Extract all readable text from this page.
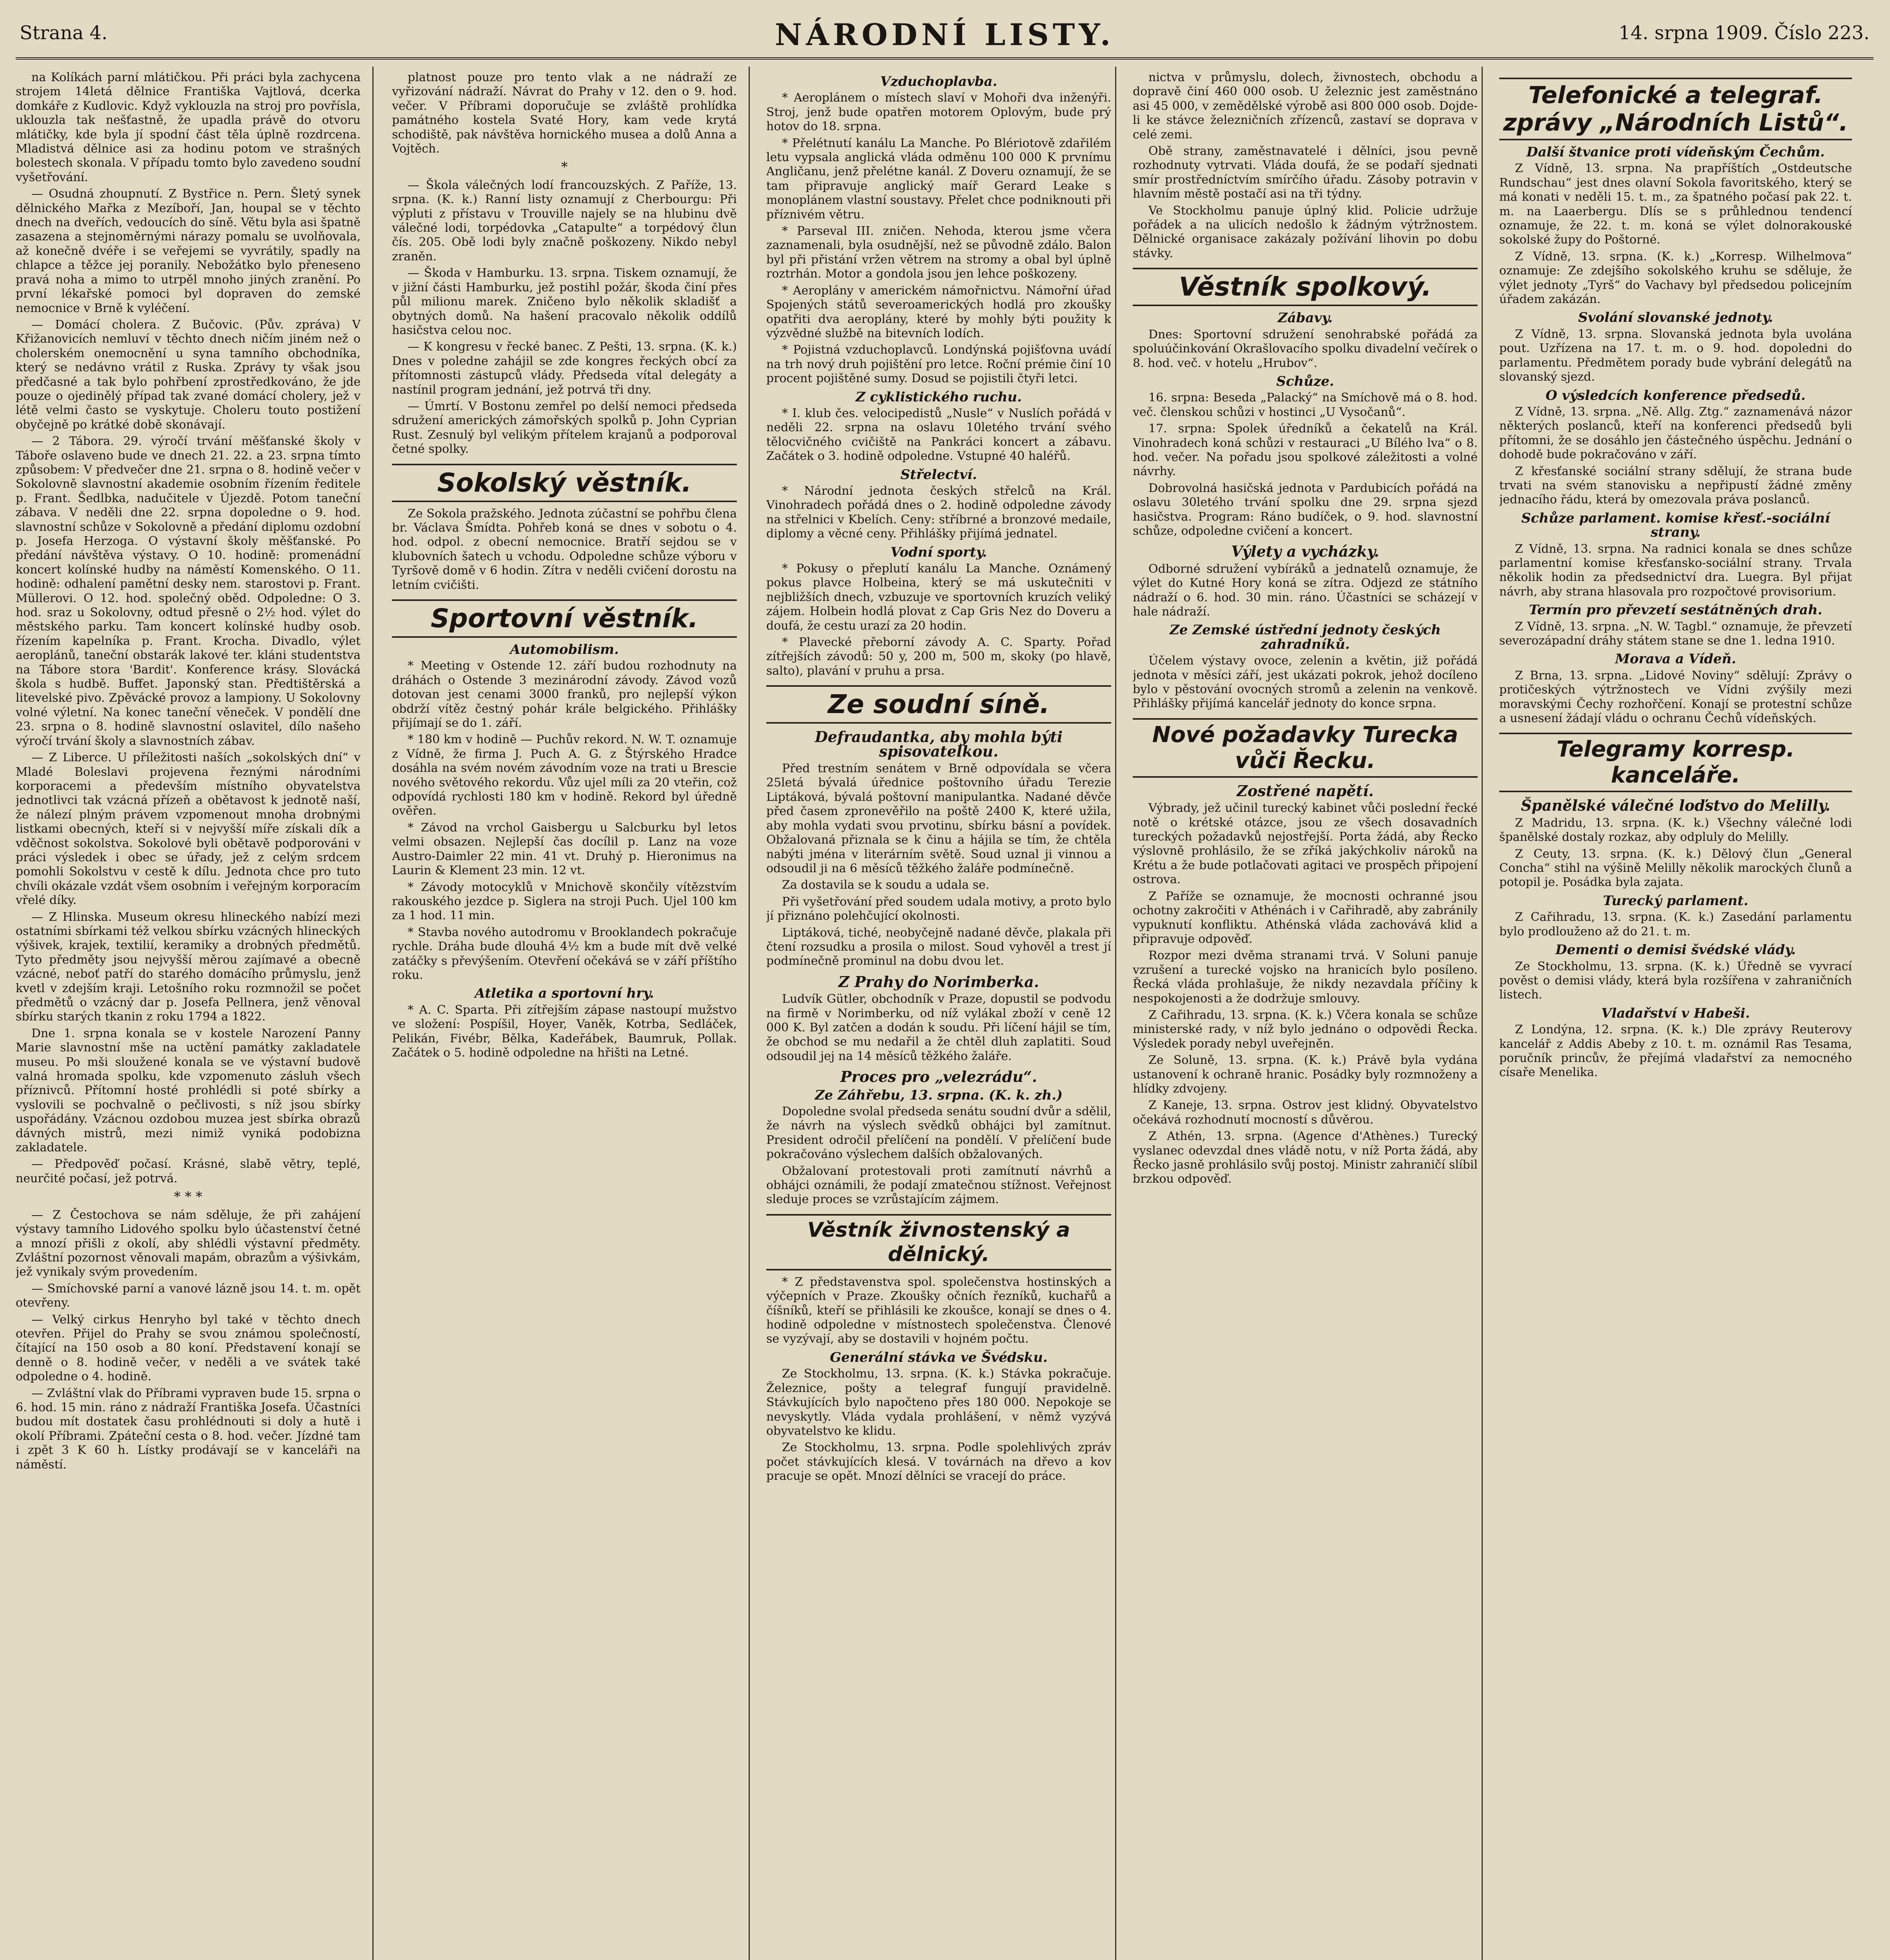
Strana 4.	NÁRODNÍ LISTY.	14. srpna 1909. Číslo 223.

na Kolíkách parní mlátičkou. Při práci byla zachycena strojem 14letá dělnice Františka Vajtlová, dcerka domkáře z Kudlovic. Když vyklouzla na stroj pro povřísla, uklouzla tak nešťastně, že upadla právě do otvoru mlátičky, kde byla jí spodní část těla úplně rozdrcena. Mladistvá dělnice asi za hodinu potom ve strašných bolestech skonala. V případu tomto bylo zavedeno soudní vyšetřování.

— Osudná zhoupnutí. Z Bystřice n. Pern. Šletý synek dělnického Mařka z Mezíboří, Jan, houpal se v těchto dnech na dveřích, vedoucích do síně. Větu byla asi špatně zasazena a stejnoměrnými nárazy pomalu se uvolňovala, až konečně dvéře i se veřejemi se vyvrátily, spadly na chlapce a těžce jej poranily. Nebožátko bylo přeneseno pravá noha a mimo to utrpěl mnoho jiných zranění. Po první lékařské pomoci byl dopraven do zemské nemocnice v Brně k vyléčení.

— Domácí cholera. Z Bučovic. (Pův. zpráva) V Křižanovicích nemluví v těchto dnech ničím jiném než o cholerském onemocnění u syna tamního obchodníka, který se nedávno vrátil z Ruska. Zprávy ty však jsou předčasné a tak bylo pohřbení zprostředkováno, že jde pouze o ojedinělý případ tak zvané domácí cholery, jež v létě velmi často se vyskytuje. Choleru touto postižení obyčejně po krátké době skonávají.

— 2 Tábora. 29. výročí trvání měšťanské školy v Táboře oslaveno bude ve dnech 21. 22. a 23. srpna tímto způsobem: V předvečer dne 21. srpna o 8. hodině večer v Sokolovně slavnostní akademie osobním řízením ředitele p. Frant. Šedlbka, nadučitele v Újezdě. Potom taneční zábava. V neděli dne 22. srpna dopoledne o 9. hod. slavnostní schůze v Sokolovně a předání diplomu ozdobní p. Josefa Herzoga. O výstavní školy měšťanské. Po předání návštěva výstavy. O 10. hodině: promenádní koncert kolínské hudby na náměstí Komenského. O 11. hodině: odhalení pamětní desky nem. starostovi p. Frant. Müllerovi. O 12. hod. společný oběd. Odpoledne: O 3. hod. sraz u Sokolovny, odtud přesně o 2½ hod. výlet do městského parku. Tam koncert kolínské hudby osob. řízením kapelníka p. Frant. Krocha. Divadlo, výlet aeroplánů, taneční obstarák lakové ter. kláni studentstva na Tábore stora 'Bardit'. Konference krásy. Slovácká škola s hudbě. Buffet. Japonský stan. Předtištěrská a litevelské pivo. Zpěvácké provoz a lampiony. U Sokolovny volné výletní. Na konec taneční věneček. V pondělí dne 23. srpna o 8. hodině slavnostní oslavitel, dílo našeho výročí trvání školy a slavnostních zábav.

— Z Liberce. U příležitosti naších „sokolských dní“ v Mladé Boleslavi projevena řeznými národními korporacemi a především místního obyvatelstva jednotlivci tak vzácná přízeň a obětavost k jednotě naší, že nálezí plným právem vzpomenout mnoha drobnými listkami obecných, kteří si v nejvyšší míře získali dík a vděčnost sokolstva. Sokolové byli obětavě podporováni v práci výsledek i obec se úřady, jež z celým srdcem pomohli Sokolstvu v cestě k dílu. Jednota chce pro tuto chvíli okázale vzdát všem osobním i veřejným korporacím vřelé díky.

— Z Hlinska. Museum okresu hlineckého nabízí mezi ostatními sbírkami též velkou sbírku vzácných hlineckých výšivek, krajek, textilií, keramiky a drobných předmětů. Tyto předměty jsou nejvyšší měrou zajímavé a obecně vzácné, neboť patří do starého domácího průmyslu, jenž kvetl v zdejším kraji. Letošního roku rozmnožil se počet předmětů o vzácný dar p. Josefa Pellnera, jenž věnoval sbírku starých tkanin z roku 1794 a 1822.

Dne 1. srpna konala se v kostele Narození Panny Marie slavnostní mše na uctění památky zakladatele museu. Po mši sloužené konala se ve výstavní budově valná hromada spolku, kde vzpomenuto zásluh všech příznivců. Přítomní hosté prohlédli si poté sbírky a vyslovili se pochvalně o pečlivosti, s níž jsou sbírky uspořádány. Vzácnou ozdobou muzea jest sbírka obrazů dávných mistrů, mezi nimiž vyniká podobizna zakladatele.

— Předpověď počasí. Krásné, slabě větry, teplé, neurčité počasí, jež potrvá.

* * *

— Z Čestochova se nám sděluje, že při zahájení výstavy tamního Lidového spolku bylo účastenství četné a mnozí přišli z okolí, aby shlédli výstavní předměty. Zvláštní pozornost věnovali mapám, obrazům a výšivkám, jež vynikaly svým provedením.

— Smíchovské parní a vanové lázně jsou 14. t. m. opět otevřeny.

— Velký cirkus Henryho byl také v těchto dnech otevřen. Přijel do Prahy se svou známou společností, čítající na 150 osob a 80 koní. Představení konají se denně o 8. hodině večer, v neděli a ve svátek také odpoledne o 4. hodině.

— Zvláštní vlak do Příbrami vypraven bude 15. srpna o 6. hod. 15 min. ráno z nádraží Františka Josefa. Účastníci budou mít dostatek času prohlédnouti si doly a hutě i okolí Příbrami. Zpáteční cesta o 8. hod. večer. Jízdné tam i zpět 3 K 60 h. Lístky prodávají se v kanceláři na náměstí.

platnost pouze pro tento vlak a ne nádraží ze vyřizování nádraží. Návrat do Prahy v 12. den o 9. hod. večer. V Příbrami doporučuje se zvláště prohlídka památného kostela Svaté Hory, kam vede krytá schodiště, pak návštěva hornického musea a dolů Anna a Vojtěch.

*

— Škola válečných lodí francouzských. Z Paříže, 13. srpna. (K. k.) Ranní listy oznamují z Cherbourgu: Při výpluti z přístavu v Trouville najely se na hlubinu dvě válečné lodi, torpédovka „Catapulte“ a torpédový člun čís. 205. Obě lodi byly značně poškozeny. Nikdo nebyl zraněn.

— Škoda v Hamburku. 13. srpna. Tiskem oznamují, že v jižní části Hamburku, jež postihl požár, škoda činí přes půl milionu marek. Zničeno bylo několik skladišť a obytných domů. Na hašení pracovalo několik oddílů hasičstva celou noc.

— K kongresu v řecké banec. Z Pešti, 13. srpna. (K. k.) Dnes v poledne zahájil se zde kongres řeckých obcí za přítomnosti zástupců vlády. Předseda vítal delegáty a nastínil program jednání, jež potrvá tři dny.

— Úmrtí. V Bostonu zemřel po delší nemoci předseda sdružení amerických zámořských spolků p. John Cyprian Rust. Zesnulý byl velikým přítelem krajanů a podporoval četné spolky.

Sokolský věstník.

Ze Sokola pražského. Jednota zúčastní se pohřbu člena br. Václava Šmídta. Pohřeb koná se dnes v sobotu o 4. hod. odpol. z obecní nemocnice. Bratří sejdou se v klubovních šatech u vchodu. Odpoledne schůze výboru v Tyršově domě v 6 hodin. Zítra v neděli cvičení dorostu na letním cvičišti.

Sportovní věstník.
Automobilism.

* Meeting v Ostende 12. září budou rozhodnuty na dráhách o Ostende 3 mezinárodní závody. Závod vozů dotovan jest cenami 3000 franků, pro nejlepší výkon obdrží vítěz čestný pohár krále belgického. Přihlášky přijímají se do 1. září.

* 180 km v hodině — Puchův rekord. N. W. T. oznamuje z Vídně, že firma J. Puch A. G. z Štýrského Hradce dosáhla na svém novém závodním voze na trati u Brescie nového světového rekordu. Vůz ujel míli za 20 vteřin, což odpovídá rychlosti 180 km v hodině. Rekord byl úředně ověřen.

* Závod na vrchol Gaisbergu u Salcburku byl letos velmi obsazen. Nejlepší čas docílil p. Lanz na voze Austro-Daimler 22 min. 41 vt. Druhý p. Hieronimus na Laurin & Klement 23 min. 12 vt.

* Závody motocyklů v Mnichově skončily vítězstvím rakouského jezdce p. Siglera na stroji Puch. Ujel 100 km za 1 hod. 11 min.

* Stavba nového autodromu v Brooklandech pokračuje rychle. Dráha bude dlouhá 4½ km a bude mít dvě velké zatáčky s převýšením. Otevření očekává se v září příštího roku.

Atletika a sportovní hry.

* A. C. Sparta. Při zítřejším zápase nastoupí mužstvo ve složení: Pospíšil, Hoyer, Vaněk, Kotrba, Sedláček, Pelikán, Fivébr, Bělka, Kadeřábek, Baumruk, Pollak. Začátek o 5. hodině odpoledne na hřišti na Letné.

Vzduchoplavba.

* Aeroplánem o místech slaví v Mohoři dva inženýři. Stroj, jenž bude opatřen motorem Oplovým, bude prý hotov do 18. srpna.

* Přelétnutí kanálu La Manche. Po Blériotově zdařilém letu vypsala anglická vláda odměnu 100 000 K prvnímu Angličanu, jenž přelétne kanál. Z Doveru oznamují, že se tam připravuje anglický maíř Gerard Leake s monoplánem vlastní soustavy. Přelet chce podniknouti při příznivém větru.

* Parseval III. zničen. Nehoda, kterou jsme včera zaznamenali, byla osudnější, než se původně zdálo. Balon byl při přistání vržen větrem na stromy a obal byl úplně roztrhán. Motor a gondola jsou jen lehce poškozeny.

* Aeroplány v americkém námořnictvu. Námořní úřad Spojených států severoamerických hodlá pro zkoušky opatřiti dva aeroplány, které by mohly býti použity k výzvědné službě na bitevních lodích.

* Pojistná vzduchoplavců. Londýnská pojišťovna uvádí na trh nový druh pojištění pro letce. Roční prémie činí 10 procent pojištěné sumy. Dosud se pojistili čtyři letci.

Z cyklistického ruchu.

* I. klub čes. velocipedistů „Nusle“ v Nuslích pořádá v neděli 22. srpna na oslavu 10letého trvání svého tělocvičného cvičiště na Pankráci koncert a zábavu. Začátek o 3. hodině odpoledne. Vstupné 40 haléřů.

Střelectví.

* Národní jednota českých střelců na Král. Vinohradech pořádá dnes o 2. hodině odpoledne závody na střelnici v Kbelích. Ceny: stříbrné a bronzové medaile, diplomy a věcné ceny. Přihlášky přijímá jednatel.

Vodní sporty.

* Pokusy o přeplutí kanálu La Manche. Oznámený pokus plavce Holbeina, který se má uskutečniti v nejbližších dnech, vzbuzuje ve sportovních kruzích veliký zájem. Holbein hodlá plovat z Cap Gris Nez do Doveru a doufá, že cestu urazí za 20 hodin.

* Plavecké přeborní závody A. C. Sparty. Pořad zítřejších závodů: 50 y, 200 m, 500 m, skoky (po hlavě, salto), plavání v pruhu a prsa.

Ze soudní síně.
Defraudantka, aby mohla býti spisovatelkou.

Před trestním senátem v Brně odpovídala se včera 25letá bývalá úřednice poštovního úřadu Terezie Liptáková, bývalá poštovní manipulantka. Nadané děvče před časem zpronevěřilo na poště 2400 K, které užila, aby mohla vydati svou prvotinu, sbírku básní a povídek. Obžalovaná přiznala se k činu a hájila se tím, že chtěla nabýti jména v literárním světě. Soud uznal ji vinnou a odsoudil ji na 6 měsíců těžkého žaláře podmínečně.

Za dostavila se k soudu a udala se.

Při vyšetřování před soudem udala motivy, a proto bylo jí přiznáno polehčující okolnosti.

Liptáková, tiché, neobyčejně nadané děvče, plakala při čtení rozsudku a prosila o milost. Soud vyhověl a trest jí podmínečně prominul na dobu dvou let.

Z Prahy do Norimberka.

Ludvík Gütler, obchodník v Praze, dopustil se podvodu na firmě v Norimberku, od níž vylákal zboží v ceně 12 000 K. Byl zatčen a dodán k soudu. Při líčení hájil se tím, že obchod se mu nedařil a že chtěl dluh zaplatiti. Soud odsoudil jej na 14 měsíců těžkého žaláře.

Proces pro „velezrádu“.
Ze Záhřebu, 13. srpna. (K. k. zh.)

Dopoledne svolal předseda senátu soudní dvůr a sdělil, že návrh na výslech svědků obhájci byl zamítnut. President odročil přelíčení na pondělí. V přelíčení bude pokračováno výslechem dalších obžalovaných.

Obžalovaní protestovali proti zamítnutí návrhů a obhájci oznámili, že podají zmatečnou stížnost. Veřejnost sleduje proces se vzrůstajícím zájmem.

Věstník živnostenský a dělnický.

* Z představenstva spol. společenstva hostinských a výčepních v Praze. Zkoušky očních řezníků, kuchařů a číšníků, kteří se přihlásili ke zkoušce, konají se dnes o 4. hodině odpoledne v místnostech společenstva. Členové se vyzývají, aby se dostavili v hojném počtu.

Generální stávka ve Švédsku.

Ze Stockholmu, 13. srpna. (K. k.) Stávka pokračuje. Železnice, pošty a telegraf fungují pravidelně. Stávkujících bylo napočteno přes 180 000. Nepokoje se nevyskytly. Vláda vydala prohlášení, v němž vyzývá obyvatelstvo ke klidu.

Ze Stockholmu, 13. srpna. Podle spolehlivých zpráv počet stávkujících klesá. V továrnách na dřevo a kov pracuje se opět. Mnozí dělníci se vracejí do práce.

nictva v průmyslu, dolech, živnostech, obchodu a dopravě činí 460 000 osob. U železnic jest zaměstnáno asi 45 000, v zemědělské výrobě asi 800 000 osob. Dojde-li ke stávce železničních zřízenců, zastaví se doprava v celé zemi.

Obě strany, zaměstnavatelé i dělníci, jsou pevně rozhodnuty vytrvati. Vláda doufá, že se podaří sjednati smír prostředníctvím smírčího úřadu. Zásoby potravin v hlavním městě postačí asi na tři týdny.

Ve Stockholmu panuje úplný klid. Policie udržuje pořádek a na ulicích nedošlo k žádným výtržnostem. Dělnické organisace zakázaly požívání lihovin po dobu stávky.

Věstník spolkový.
Zábavy.

Dnes: Sportovní sdružení senohrabské pořádá za spoluúčinkování Okrašlovacího spolku divadelní večírek o 8. hod. več. v hotelu „Hrubov“.

Schůze.

16. srpna: Beseda „Palacký“ na Smíchově má o 8. hod. več. členskou schůzi v hostinci „U Vysočanů“.

17. srpna: Spolek úředníků a čekatelů na Král. Vinohradech koná schůzi v restauraci „U Bílého lva“ o 8. hod. večer. Na pořadu jsou spolkové záležitosti a volné návrhy.

Dobrovolná hasičská jednota v Pardubicích pořádá na oslavu 30letého trvání spolku dne 29. srpna sjezd hasičstva. Program: Ráno budíček, o 9. hod. slavnostní schůze, odpoledne cvičení a koncert.

Výlety a vycházky.

Odborné sdružení vybíráků a jednatelů oznamuje, že výlet do Kutné Hory koná se zítra. Odjezd ze státního nádraží o 6. hod. 30 min. ráno. Účastníci se scházejí v hale nádraží.

Ze Zemské ústřední jednoty českých zahradníků.

Účelem výstavy ovoce, zelenin a květin, již pořádá jednota v měsíci září, jest ukázati pokrok, jehož docíleno bylo v pěstování ovocných stromů a zelenin na venkově. Přihlášky přijímá kancelář jednoty do konce srpna.

Nové požadavky Turecka vůči Řecku.
Zostřené napětí.

Výbrady, jež učinil turecký kabinet vůči poslední řecké notě o krétské otázce, jsou ze všech dosavadních tureckých požadavků nejostřejší. Porta žádá, aby Řecko výslovně prohlásilo, že se zříká jakýchkoliv nároků na Krétu a že bude potlačovati agitaci ve prospěch připojení ostrova.

Z Paříže se oznamuje, že mocnosti ochranné jsou ochotny zakročiti v Athénách i v Cařihradě, aby zabránily vypuknutí konfliktu. Athénská vláda zachovává klid a připravuje odpověď.

Rozpor mezi dvěma stranami trvá. V Soluni panuje vzrušení a turecké vojsko na hranicích bylo posíleno. Řecká vláda prohlašuje, že nikdy nezavdala příčiny k nespokojenosti a že dodržuje smlouvy.

Z Cařihradu, 13. srpna. (K. k.) Včera konala se schůze ministerské rady, v níž bylo jednáno o odpovědi Řecka. Výsledek porady nebyl uveřejněn.

Ze Soluně, 13. srpna. (K. k.) Právě byla vydána ustanovení k ochraně hranic. Posádky byly rozmnoženy a hlídky zdvojeny.

Z Kaneje, 13. srpna. Ostrov jest klidný. Obyvatelstvo očekává rozhodnutí mocností s důvěrou.

Z Athén, 13. srpna. (Agence d'Athènes.) Turecký vyslanec odevzdal dnes vládě notu, v níž Porta žádá, aby Řecko jasně prohlásilo svůj postoj. Ministr zahraničí slíbil brzkou odpověď.

Telefonické a telegraf. zprávy „Národních Listů“.
Další štvanice proti vídeňským Čechům.

Z Vídně, 13. srpna. Na prapříštích „Ostdeutsche Rundschau“ jest dnes olavní Sokola favoritského, který se má konati v neděli 15. t. m., za špatného počasí pak 22. t. m. na Laaerbergu. Dlís se s průhlednou tendencí oznamuje, že 22. t. m. koná se výlet dolnorakouské sokolské župy do Poštorné.

Z Vídně, 13. srpna. (K. k.) „Korresp. Wilhelmova“ oznamuje: Ze zdejšího sokolského kruhu se sděluje, že výlet jednoty „Tyrš“ do Vachavy byl předsedou policejním úřadem zakázán.

Svolání slovanské jednoty.

Z Vídně, 13. srpna. Slovanská jednota byla uvolána pout. Uzřízena na 17. t. m. o 9. hod. dopoledni do parlamentu. Předmětem porady bude vybrání delegátů na slovanský sjezd.

O výsledcích konference předsedů.

Z Vídně, 13. srpna. „Ně. Allg. Ztg.“ zaznamenává názor některých poslanců, kteří na konferenci předsedů byli přítomni, že se dosáhlo jen částečného úspěchu. Jednání o dohodě bude pokračováno v září.

Z křesťanské sociální strany sdělují, že strana bude trvati na svém stanovisku a nepřipustí žádné změny jednacího řádu, která by omezovala práva poslanců.

Schůze parlament. komise křesť.-sociální strany.

Z Vídně, 13. srpna. Na radnici konala se dnes schůze parlamentní komise křesťansko-sociální strany. Trvala několik hodin za předsednictví dra. Luegra. Byl přijat návrh, aby strana hlasovala pro rozpočtové provisorium.

Termín pro převzetí sestátněných drah.

Z Vídně, 13. srpna. „N. W. Tagbl.“ oznamuje, že převzetí severozápadní dráhy státem stane se dne 1. ledna 1910.

Morava a Vídeň.

Z Brna, 13. srpna. „Lidové Noviny“ sdělují: Zprávy o protičeských výtržnostech ve Vídni zvýšily mezi moravskými Čechy rozhořčení. Konají se protestní schůze a usnesení žádají vládu o ochranu Čechů vídeňských.

Telegramy korresp. kanceláře.
Španělské válečné loďstvo do Melilly.

Z Madridu, 13. srpna. (K. k.) Všechny válečné lodi španělské dostaly rozkaz, aby odpluly do Melilly.

Z Ceuty, 13. srpna. (K. k.) Dělový člun „General Concha“ stihl na výšině Melilly několik marockých člunů a potopil je. Posádka byla zajata.

Turecký parlament.

Z Cařihradu, 13. srpna. (K. k.) Zasedání parlamentu bylo prodlouženo až do 21. t. m.

Dementi o demisi švédské vlády.

Ze Stockholmu, 13. srpna. (K. k.) Úředně se vyvrací pověst o demisi vlády, která byla rozšířena v zahraničních listech.

Vladařství v Habeši.

Z Londýna, 12. srpna. (K. k.) Dle zprávy Reuterovy kancelář z Addis Abeby z 10. t. m. oznámil Ras Tesama, poručník princův, že přejímá vladařství za nemocného císaře Menelika.
